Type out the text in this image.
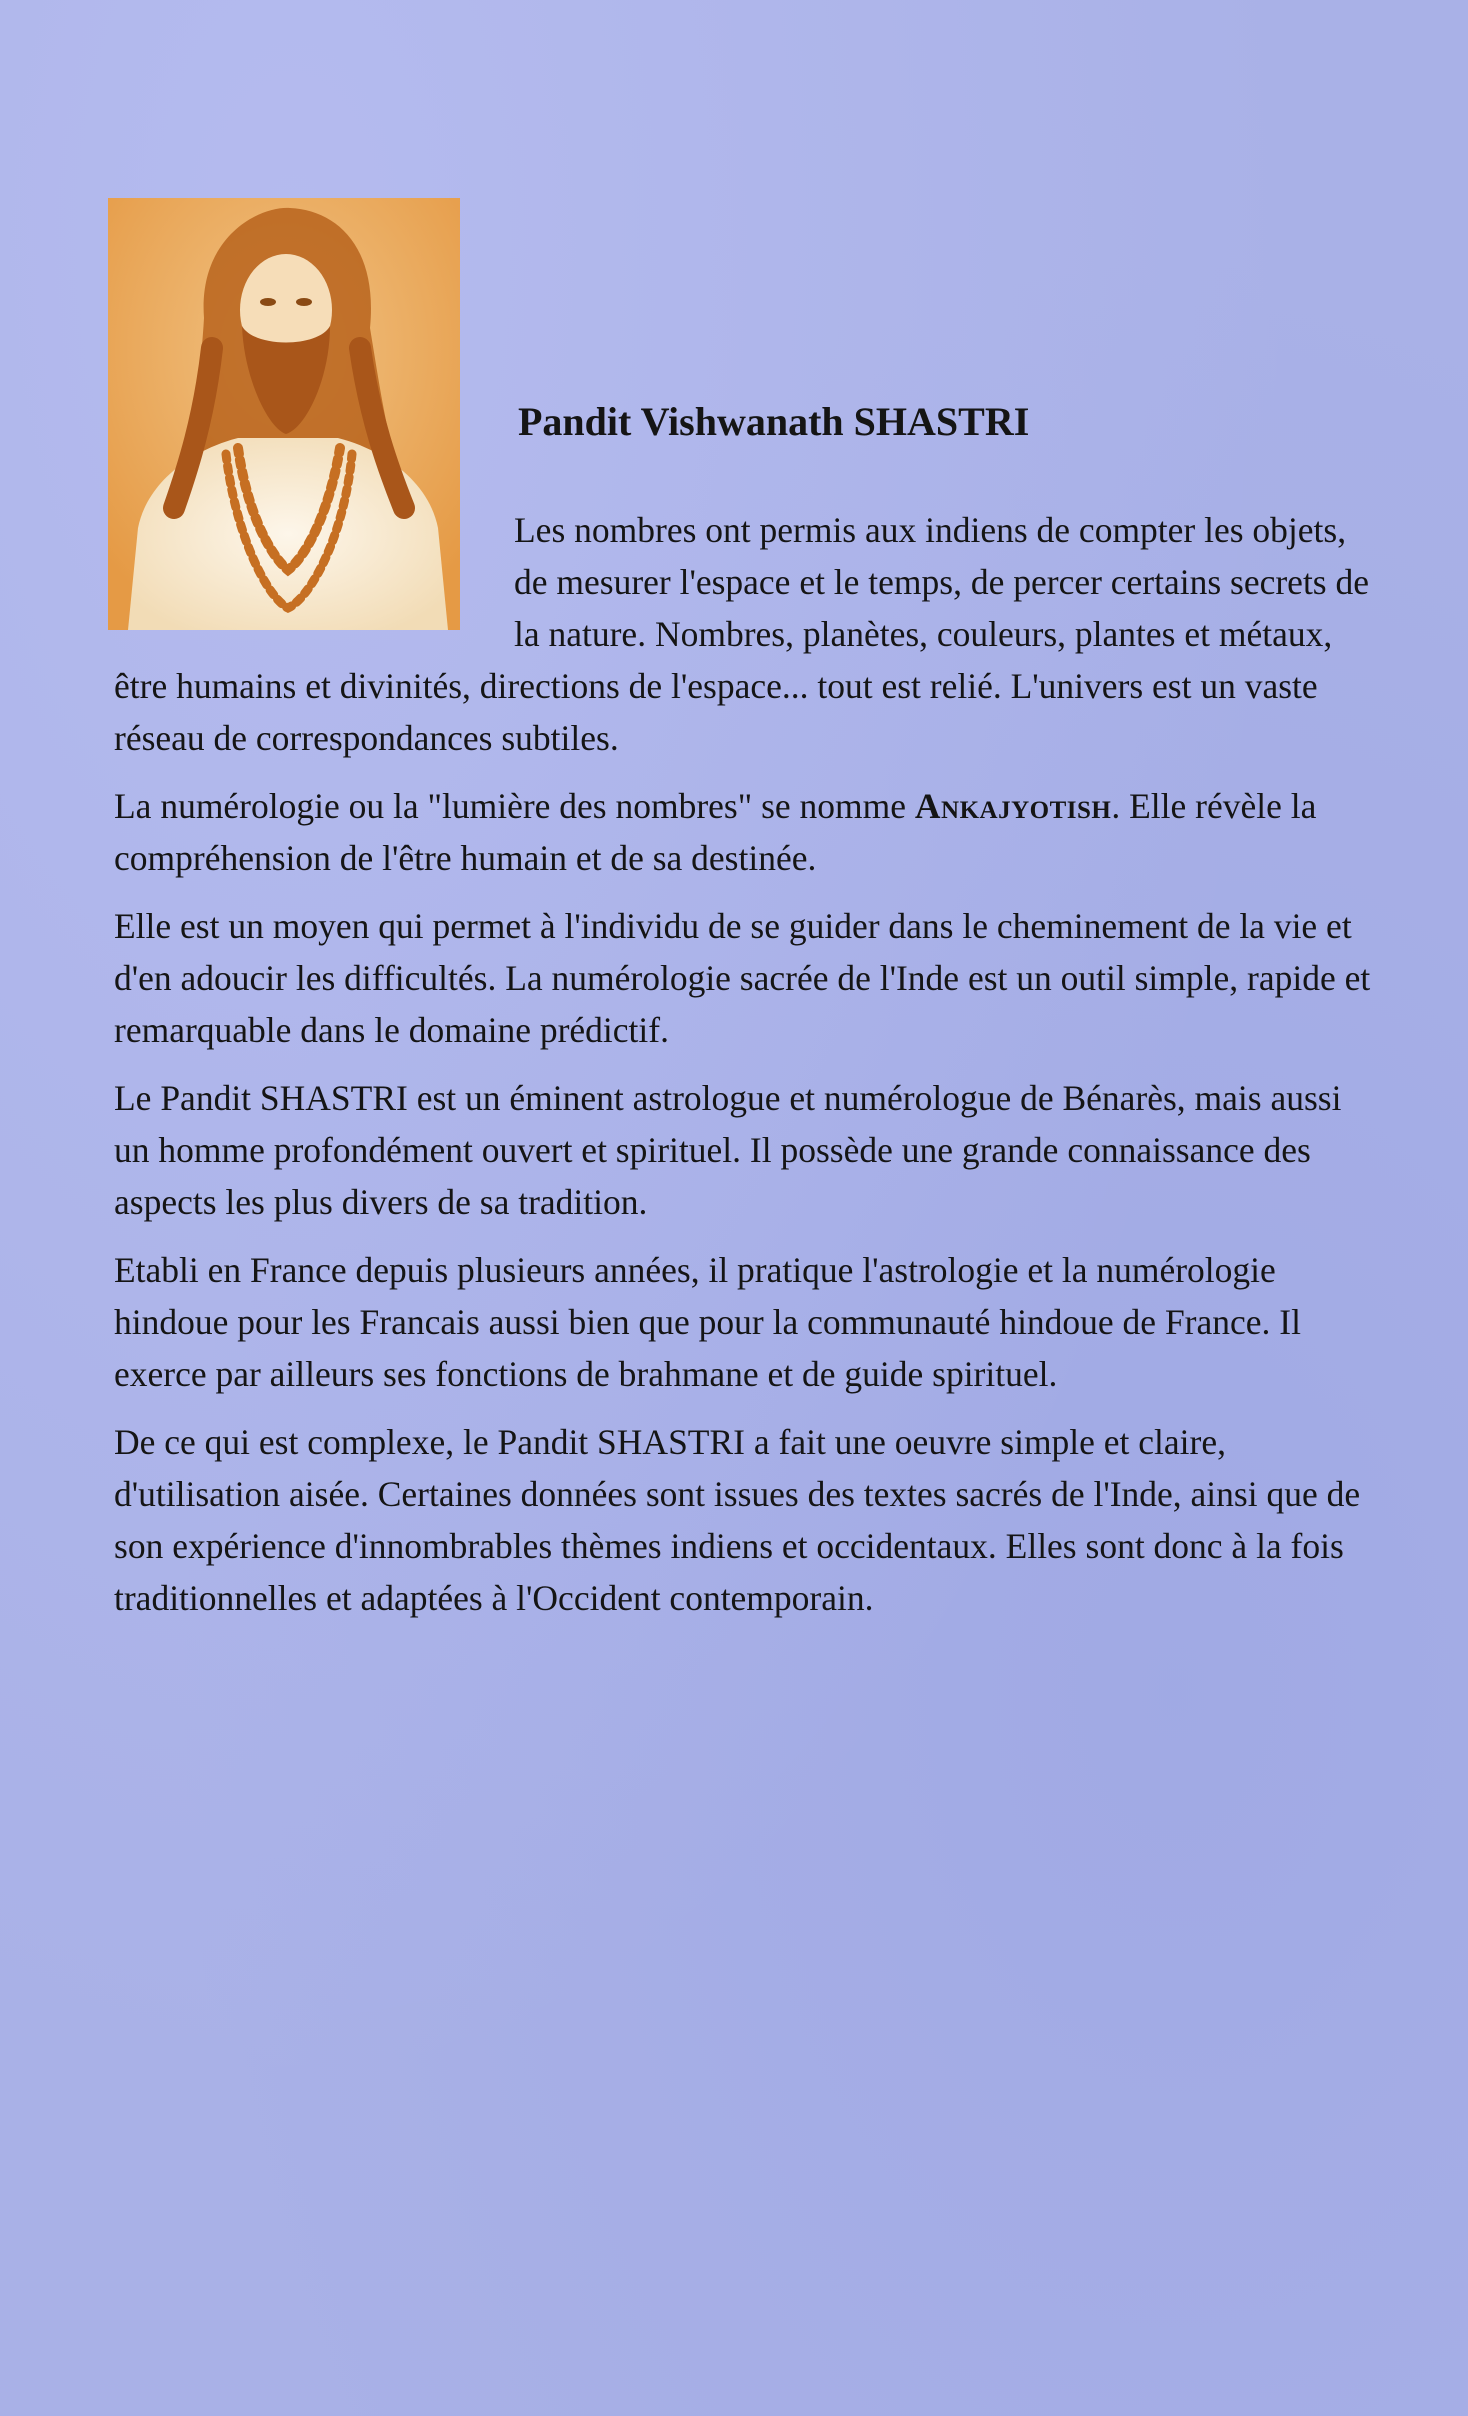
Pandit Vishwanath SHASTRI

Les nombres ont permis aux indiens de compter les objets, de mesurer l'espace et le temps, de percer certains secrets de la nature. Nombres, planètes, couleurs, plantes et métaux, être humains et divinités, directions de l'espace... tout est relié. L'univers est un vaste réseau de correspondances subtiles.

La numérologie ou la "lumière des nombres" se nomme Ankajyotish. Elle révèle la compréhension de l'être humain et de sa destinée.

Elle est un moyen qui permet à l'individu de se guider dans le cheminement de la vie et d'en adoucir les difficultés. La numérologie sacrée de l'Inde est un outil simple, rapide et remarquable dans le domaine prédictif.

Le Pandit SHASTRI est un éminent astrologue et numérologue de Bénarès, mais aussi un homme profondément ouvert et spirituel. Il possède une grande connaissance des aspects les plus divers de sa tradition.

Etabli en France depuis plusieurs années, il pratique l'astrologie et la numérologie hindoue pour les Francais aussi bien que pour la communauté hindoue de France. Il exerce par ailleurs ses fonctions de brahmane et de guide spirituel.

De ce qui est complexe, le Pandit SHASTRI a fait une oeuvre simple et claire, d'utilisation aisée. Certaines données sont issues des textes sacrés de l'Inde, ainsi que de son expérience d'innombrables thèmes indiens et occidentaux. Elles sont donc à la fois traditionnelles et adaptées à l'Occident contemporain.
